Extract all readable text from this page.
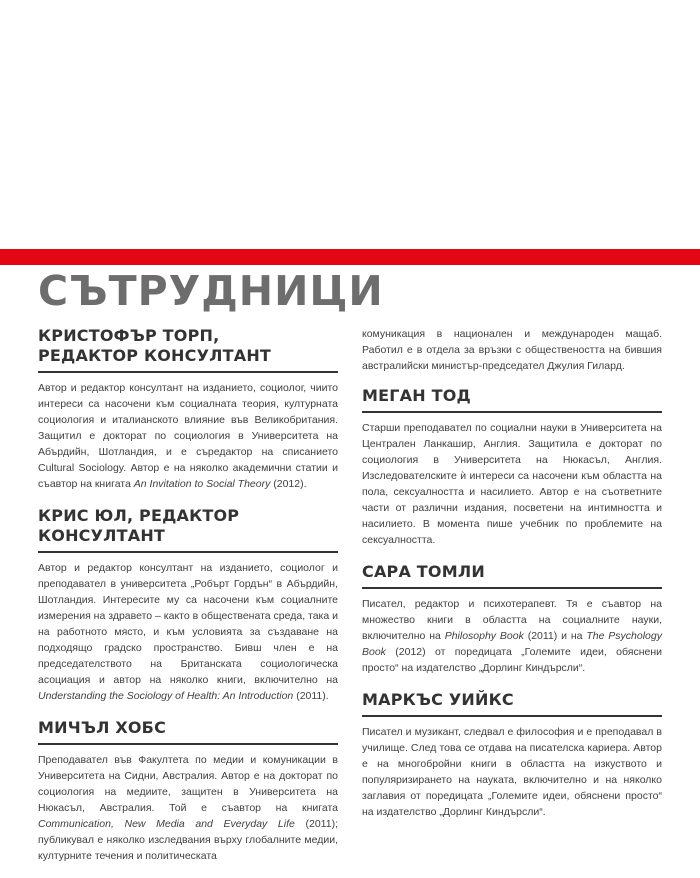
СЪТРУДНИЦИ
КРИСТОФЪР ТОРП,
РЕДАКТОР КОНСУЛТАНТ

Автор и редактор консултант на изданието, социолог, чиито интереси са насочени към социалната теория, културната социология и италианското влияние във Великобритания. Защитил е докторат по социология в Университета на Абърдийн, Шотландия, и е съредактор на списанието Cultural Sociology. Автор е на няколко академични статии и съавтор на книгата An Invitation to Social Theory (2012).

КРИС ЮЛ, РЕДАКТОР КОНСУЛТАНТ

Автор и редактор консултант на изданието, социолог и преподавател в университета „Робърт Гордън“ в Абърдийн, Шотландия. Интересите му са насочени към социалните измерения на здравето – както в обществената среда, така и на работното място, и към условията за създаване на подходящо градско пространство. Бивш член е на председателството на Британската социологическа асоциация и автор на няколко книги, включително на Understanding the Sociology of Health: An Introduction (2011).

МИЧЪЛ ХОБС

Преподавател във Факултета по медии и комуникации в Университета на Сидни, Австралия. Автор е на докторат по социология на медиите, защитен в Университета на Нюкасъл, Австралия. Той е съавтор на книгата Communication, New Media and Everyday Life (2011); публикувал е няколко изследвания върху глобалните медии, културните течения и политическата

комуникация в национален и международен мащаб. Работил е в отдела за връзки с обществеността на бившия австралийски министър-председател Джулия Гилард.

МЕГАН ТОД

Старши преподавател по социални науки в Университета на Централен Ланкашир, Англия. Защитила е докторат по социология в Университета на Нюкасъл, Англия. Изследователските ѝ интереси са насочени към областта на пола, сексуалността и насилието. Автор е на съответните части от различни издания, посветени на интимността и насилието. В момента пише учебник по проблемите на сексуалността.

САРА ТОМЛИ

Писател, редактор и психотерапевт. Тя е съавтор на множество книги в областта на социалните науки, включително на Philosophy Book (2011) и на The Psychology Book (2012) от поредицата „Големите идеи, обяснени просто“ на издателство „Дорлинг Киндърсли“.

МАРКЪС УИЙКС

Писател и музикант, следвал е философия и е преподавал в училище. След това се отдава на писателска кариера. Автор е на многобройни книги в областта на изкуството и популяризирането на науката, включително и на няколко заглавия от поредицата „Големите идеи, обяснени просто“ на издателство „Дорлинг Киндърсли“.
